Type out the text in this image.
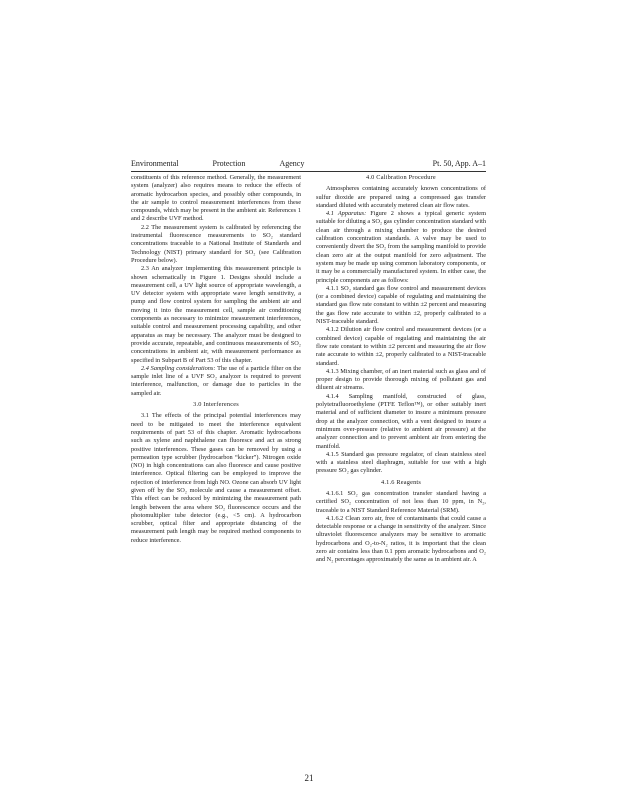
Environmental	Protection	Agency	Pt. 50, App. A–1

constituents of this reference method. Generally, the measurement system (analyzer) also requires means to reduce the effects of aromatic hydrocarbon species, and possibly other compounds, in the air sample to control measurement interferences from these compounds, which may be present in the ambient air. References 1 and 2 describe UVF method.

2.2 The measurement system is calibrated by referencing the instrumental fluorescence measurements to SO₂ standard concentrations traceable to a National Institute of Standards and Technology (NIST) primary standard for SO₂ (see Calibration Procedure below).

2.3 An analyzer implementing this measurement principle is shown schematically in Figure 1. Designs should include a measurement cell, a UV light source of appropriate wavelength, a UV detector system with appropriate wave length sensitivity, a pump and flow control system for sampling the ambient air and moving it into the measurement cell, sample air conditioning components as necessary to minimize measurement interferences, suitable control and measurement processing capability, and other apparatus as may be necessary. The analyzer must be designed to provide accurate, repeatable, and continuous measurements of SO₂ concentrations in ambient air, with measurement performance as specified in Subpart B of Part 53 of this chapter.

2.4 Sampling considerations: The use of a particle filter on the sample inlet line of a UVF SO₂ analyzer is required to prevent interference, malfunction, or damage due to particles in the sampled air.

3.0 Interferences

3.1 The effects of the principal potential interferences may need to be mitigated to meet the interference equivalent requirements of part 53 of this chapter. Aromatic hydrocarbons such as xylene and naphthalene can fluoresce and act as strong positive interferences. These gases can be removed by using a permeation type scrubber (hydrocarbon “kicker”). Nitrogen oxide (NO) in high concentrations can also fluoresce and cause positive interference. Optical filtering can be employed to improve the rejection of interference from high NO. Ozone can absorb UV light given off by the SO₂ molecule and cause a measurement offset. This effect can be reduced by minimizing the measurement path length between the area where SO₂ fluorescence occurs and the photomultiplier tube detector (e.g., <5 cm). A hydrocarbon scrubber, optical filter and appropriate distancing of the measurement path length may be required method components to reduce interference.

4.0 Calibration Procedure

Atmospheres containing accurately known concentrations of sulfur dioxide are prepared using a compressed gas transfer standard diluted with accurately metered clean air flow rates.

4.1 Apparatus: Figure 2 shows a typical generic system suitable for diluting a SO₂ gas cylinder concentration standard with clean air through a mixing chamber to produce the desired calibration concentration standards. A valve may be used to conveniently divert the SO₂ from the sampling manifold to provide clean zero air at the output manifold for zero adjustment. The system may be made up using common laboratory components, or it may be a commercially manufactured system. In either case, the principle components are as follows:

4.1.1 SO₂ standard gas flow control and measurement devices (or a combined device) capable of regulating and maintaining the standard gas flow rate constant to within ±2 percent and measuring the gas flow rate accurate to within ±2, properly calibrated to a NIST-traceable standard.

4.1.2 Dilution air flow control and measurement devices (or a combined device) capable of regulating and maintaining the air flow rate constant to within ±2 percent and measuring the air flow rate accurate to within ±2, properly calibrated to a NIST-traceable standard.

4.1.3 Mixing chamber, of an inert material such as glass and of proper design to provide thorough mixing of pollutant gas and diluent air streams.

4.1.4 Sampling manifold, constructed of glass, polytetrafluoroethylene (PTFE Teflon™), or other suitably inert material and of sufficient diameter to insure a minimum pressure drop at the analyzer connection, with a vent designed to insure a minimum over-pressure (relative to ambient air pressure) at the analyzer connection and to prevent ambient air from entering the manifold.

4.1.5 Standard gas pressure regulator, of clean stainless steel with a stainless steel diaphragm, suitable for use with a high pressure SO₂ gas cylinder.

4.1.6 Reagents

4.1.6.1 SO₂ gas concentration transfer standard having a certified SO₂ concentration of not less than 10 ppm, in N₂, traceable to a NIST Standard Reference Material (SRM).

4.1.6.2 Clean zero air, free of contaminants that could cause a detectable response or a change in sensitivity of the analyzer. Since ultraviolet fluorescence analyzers may be sensitive to aromatic hydrocarbons and O₂-to-N₂ ratios, it is important that the clean zero air contains less than 0.1 ppm aromatic hydrocarbons and O₂ and N₂ percentages approximately the same as in ambient air. A

21
